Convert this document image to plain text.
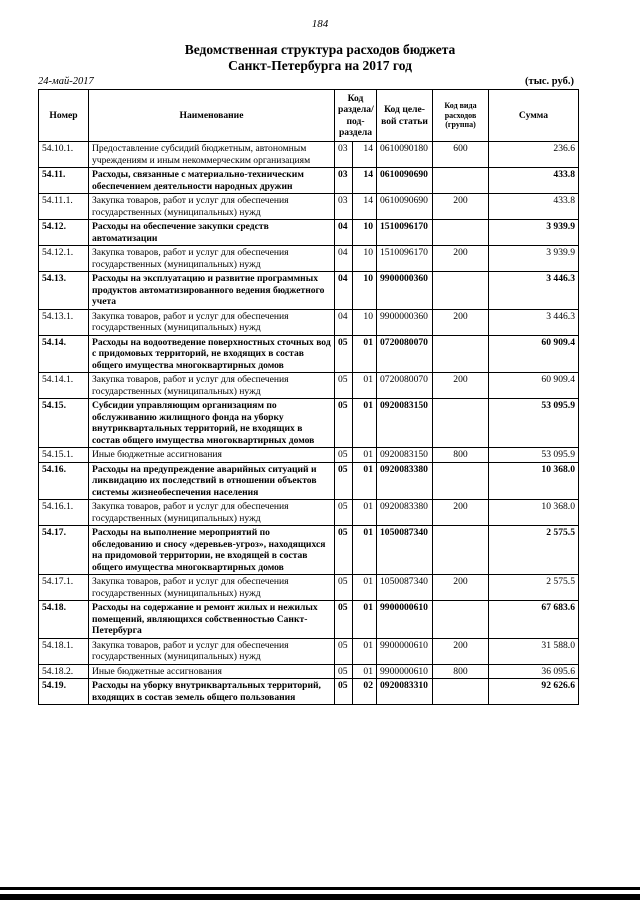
184
Ведомственная структура расходов бюджета
Санкт-Петербурга на 2017 год
24-май-2017	(тыс. руб.)
Номер	Наименование	Код раздела/ под- раздела		Код целе- вой статьи	Код вида расходов (группа)	Сумма
54.10.1.	Предоставление субсидий бюджетным, автономным учреждениям и иным некоммерческим организациям	03	14	0610090180	600	236.6
54.11.	Расходы, связанные с материально-техническим обеспечением деятельности народных дружин	03	14	0610090690		433.8
54.11.1.	Закупка товаров, работ и услуг для обеспечения государственных (муниципальных) нужд	03	14	0610090690	200	433.8
54.12.	Расходы на обеспечение закупки средств автоматизации	04	10	1510096170		3 939.9
54.12.1.	Закупка товаров, работ и услуг для обеспечения государственных (муниципальных) нужд	04	10	1510096170	200	3 939.9
54.13.	Расходы на эксплуатацию и развитие программных продуктов автоматизированного ведения бюджетного учета	04	10	9900000360		3 446.3
54.13.1.	Закупка товаров, работ и услуг для обеспечения государственных (муниципальных) нужд	04	10	9900000360	200	3 446.3
54.14.	Расходы на водоотведение поверхностных сточных вод с придомовых территорий, не входящих в состав общего имущества многоквартирных домов	05	01	0720080070		60 909.4
54.14.1.	Закупка товаров, работ и услуг для обеспечения государственных (муниципальных) нужд	05	01	0720080070	200	60 909.4
54.15.	Субсидии управляющим организациям по обслуживанию жилищного фонда на уборку внутриквартальных территорий, не входящих в состав общего имущества многоквартирных домов	05	01	0920083150		53 095.9
54.15.1.	Иные бюджетные ассигнования	05	01	0920083150	800	53 095.9
54.16.	Расходы на предупреждение аварийных ситуаций и ликвидацию их последствий в отношении объектов системы жизнеобеспечения населения	05	01	0920083380		10 368.0
54.16.1.	Закупка товаров, работ и услуг для обеспечения государственных (муниципальных) нужд	05	01	0920083380	200	10 368.0
54.17.	Расходы на выполнение мероприятий по обследованию и сносу «деревьев-угроз», находящихся на придомовой территории, не входящей в состав общего имущества многоквартирных домов	05	01	1050087340		2 575.5
54.17.1.	Закупка товаров, работ и услуг для обеспечения государственных (муниципальных) нужд	05	01	1050087340	200	2 575.5
54.18.	Расходы на содержание и ремонт жилых и нежилых помещений, являющихся собственностью Санкт-Петербурга	05	01	9900000610		67 683.6
54.18.1.	Закупка товаров, работ и услуг для обеспечения государственных (муниципальных) нужд	05	01	9900000610	200	31 588.0
54.18.2.	Иные бюджетные ассигнования	05	01	9900000610	800	36 095.6
54.19.	Расходы на уборку внутриквартальных территорий, входящих в состав земель общего пользования	05	02	0920083310		92 626.6
